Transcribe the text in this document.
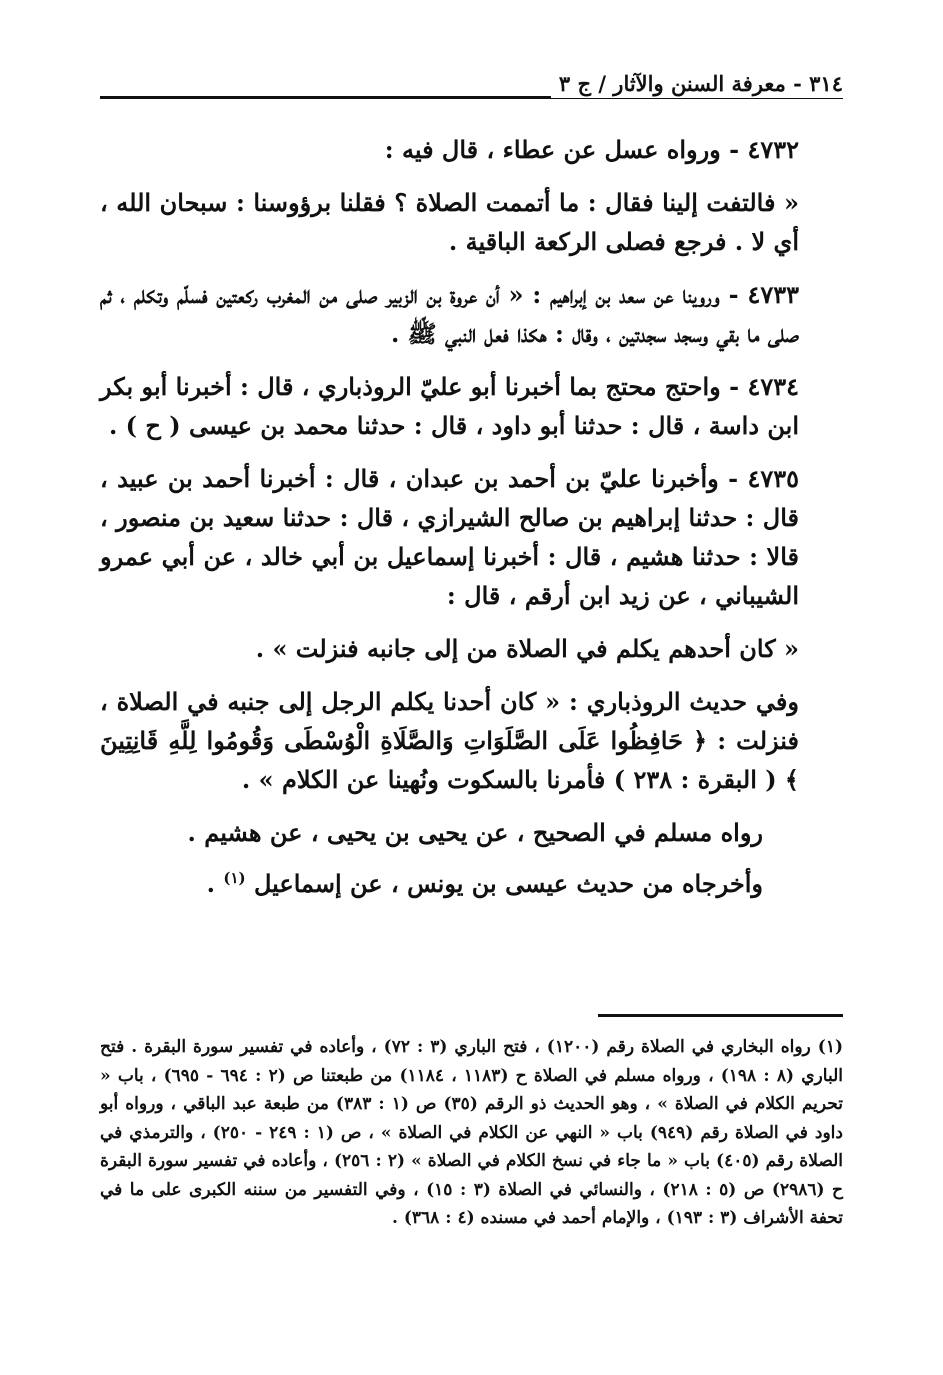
٣١٤ - معرفة السنن والآثار / ج ٣

٤٧٣٢ - ورواه عسل عن عطاء ، قال فيه :

« فالتفت إلينا فقال : ما أتممت الصلاة ؟ فقلنا برؤوسنا : سبحان الله ، أي لا . فرجع فصلى الركعة الباقية .

٤٧٣٣ - وروينا عن سعد بن إبراهيم : « أن عروة بن الزبير صلى من المغرب ركعتين فسلّم وتكلم ، ثم صلى ما بقي وسجد سجدتين ، وقال : هكذا فعل النبي ﷺ .

٤٧٣٤ - واحتج محتج بما أخبرنا أبو عليّ الروذباري ، قال : أخبرنا أبو بكر ابن داسة ، قال : حدثنا أبو داود ، قال : حدثنا محمد بن عيسى ( ح ) .

٤٧٣٥ - وأخبرنا عليّ بن أحمد بن عبدان ، قال : أخبرنا أحمد بن عبيد ، قال : حدثنا إبراهيم بن صالح الشيرازي ، قال : حدثنا سعيد بن منصور ، قالا : حدثنا هشيم ، قال : أخبرنا إسماعيل بن أبي خالد ، عن أبي عمرو الشيباني ، عن زيد ابن أرقم ، قال :

« كان أحدهم يكلم في الصلاة من إلى جانبه فنزلت » .

وفي حديث الروذباري : « كان أحدنا يكلم الرجل إلى جنبه في الصلاة ، فنزلت : ﴿ حَافِظُوا عَلَى الصَّلَوَاتِ وَالصَّلَاةِ الْوُسْطَى وَقُومُوا لِلَّهِ قَانِتِينَ ﴾ ( البقرة : ٢٣٨ ) فأمرنا بالسكوت ونُهينا عن الكلام » .

رواه مسلم في الصحيح ، عن يحيى بن يحيى ، عن هشيم .

وأخرجاه من حديث عيسى بن يونس ، عن إسماعيل $^{(١)}$ .

(١) رواه البخاري في الصلاة رقم (١٢٠٠) ، فتح الباري (٣ : ٧٢) ، وأعاده في تفسير سورة البقرة . فتح الباري (٨ : ١٩٨) ، ورواه مسلم في الصلاة ح (١١٨٣ ، ١١٨٤) من طبعتنا ص (٢ : ٦٩٤ - ٦٩٥) ، باب « تحريم الكلام في الصلاة » ، وهو الحديث ذو الرقم (٣٥) ص (١ : ٣٨٣) من طبعة عبد الباقي ، ورواه أبو داود في الصلاة رقم (٩٤٩) باب « النهي عن الكلام في الصلاة » ، ص (١ : ٢٤٩ - ٢٥٠) ، والترمذي في الصلاة رقم (٤٠٥) باب « ما جاء في نسخ الكلام في الصلاة » (٢ : ٢٥٦) ، وأعاده في تفسير سورة البقرة ح (٢٩٨٦) ص (٥ : ٢١٨) ، والنسائي في الصلاة (٣ : ١٥) ، وفي التفسير من سننه الكبرى على ما في تحفة الأشراف (٣ : ١٩٣) ، والإمام أحمد في مسنده (٤ : ٣٦٨) .
